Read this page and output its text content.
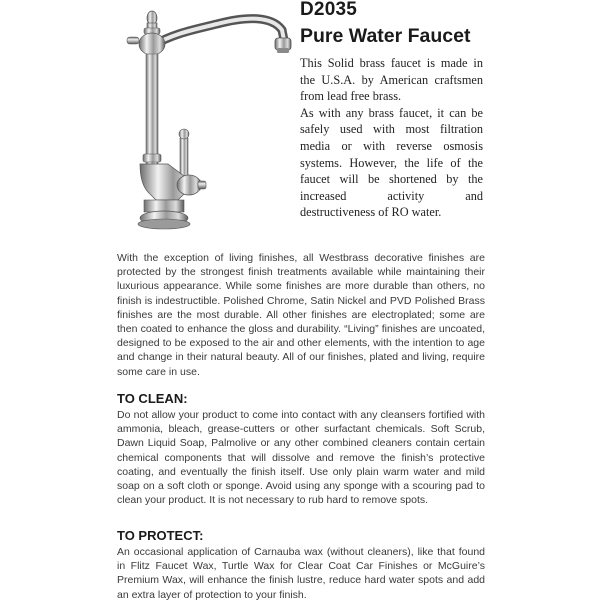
D2035
Pure Water Faucet

This Solid brass faucet is made in the U.S.A. by American craftsmen from lead free brass.

As with any brass faucet, it can be safely used with most filtration media or with reverse osmosis systems. However, the life of the faucet will be shortened by the increased activity and destructiveness of RO water.

With the exception of living finishes, all Westbrass decorative finishes are protected by the strongest finish treatments available while maintaining their luxurious appearance. While some finishes are more durable than others, no finish is indestructible. Polished Chrome, Satin Nickel and PVD Polished Brass finishes are the most durable. All other finishes are electroplated; some are then coated to enhance the gloss and durability. “Living” finishes are uncoated, designed to be exposed to the air and other elements, with the intention to age and change in their natural beauty. All of our finishes, plated and living, require some care in use.
TO CLEAN:
Do not allow your product to come into contact with any cleansers fortified with ammonia, bleach, grease-cutters or other surfactant chemicals. Soft Scrub, Dawn Liquid Soap, Palmolive or any other combined cleaners contain certain chemical components that will dissolve and remove the finish’s protective coating, and eventually the finish itself. Use only plain warm water and mild soap on a soft cloth or sponge. Avoid using any sponge with a scouring pad to clean your product. It is not necessary to rub hard to remove spots.
TO PROTECT:
An occasional application of Carnauba wax (without cleaners), like that found in Flitz Faucet Wax, Turtle Wax for Clear Coat Car Finishes or McGuire’s Premium Wax, will enhance the finish lustre, reduce hard water spots and add an extra layer of protection to your finish.
